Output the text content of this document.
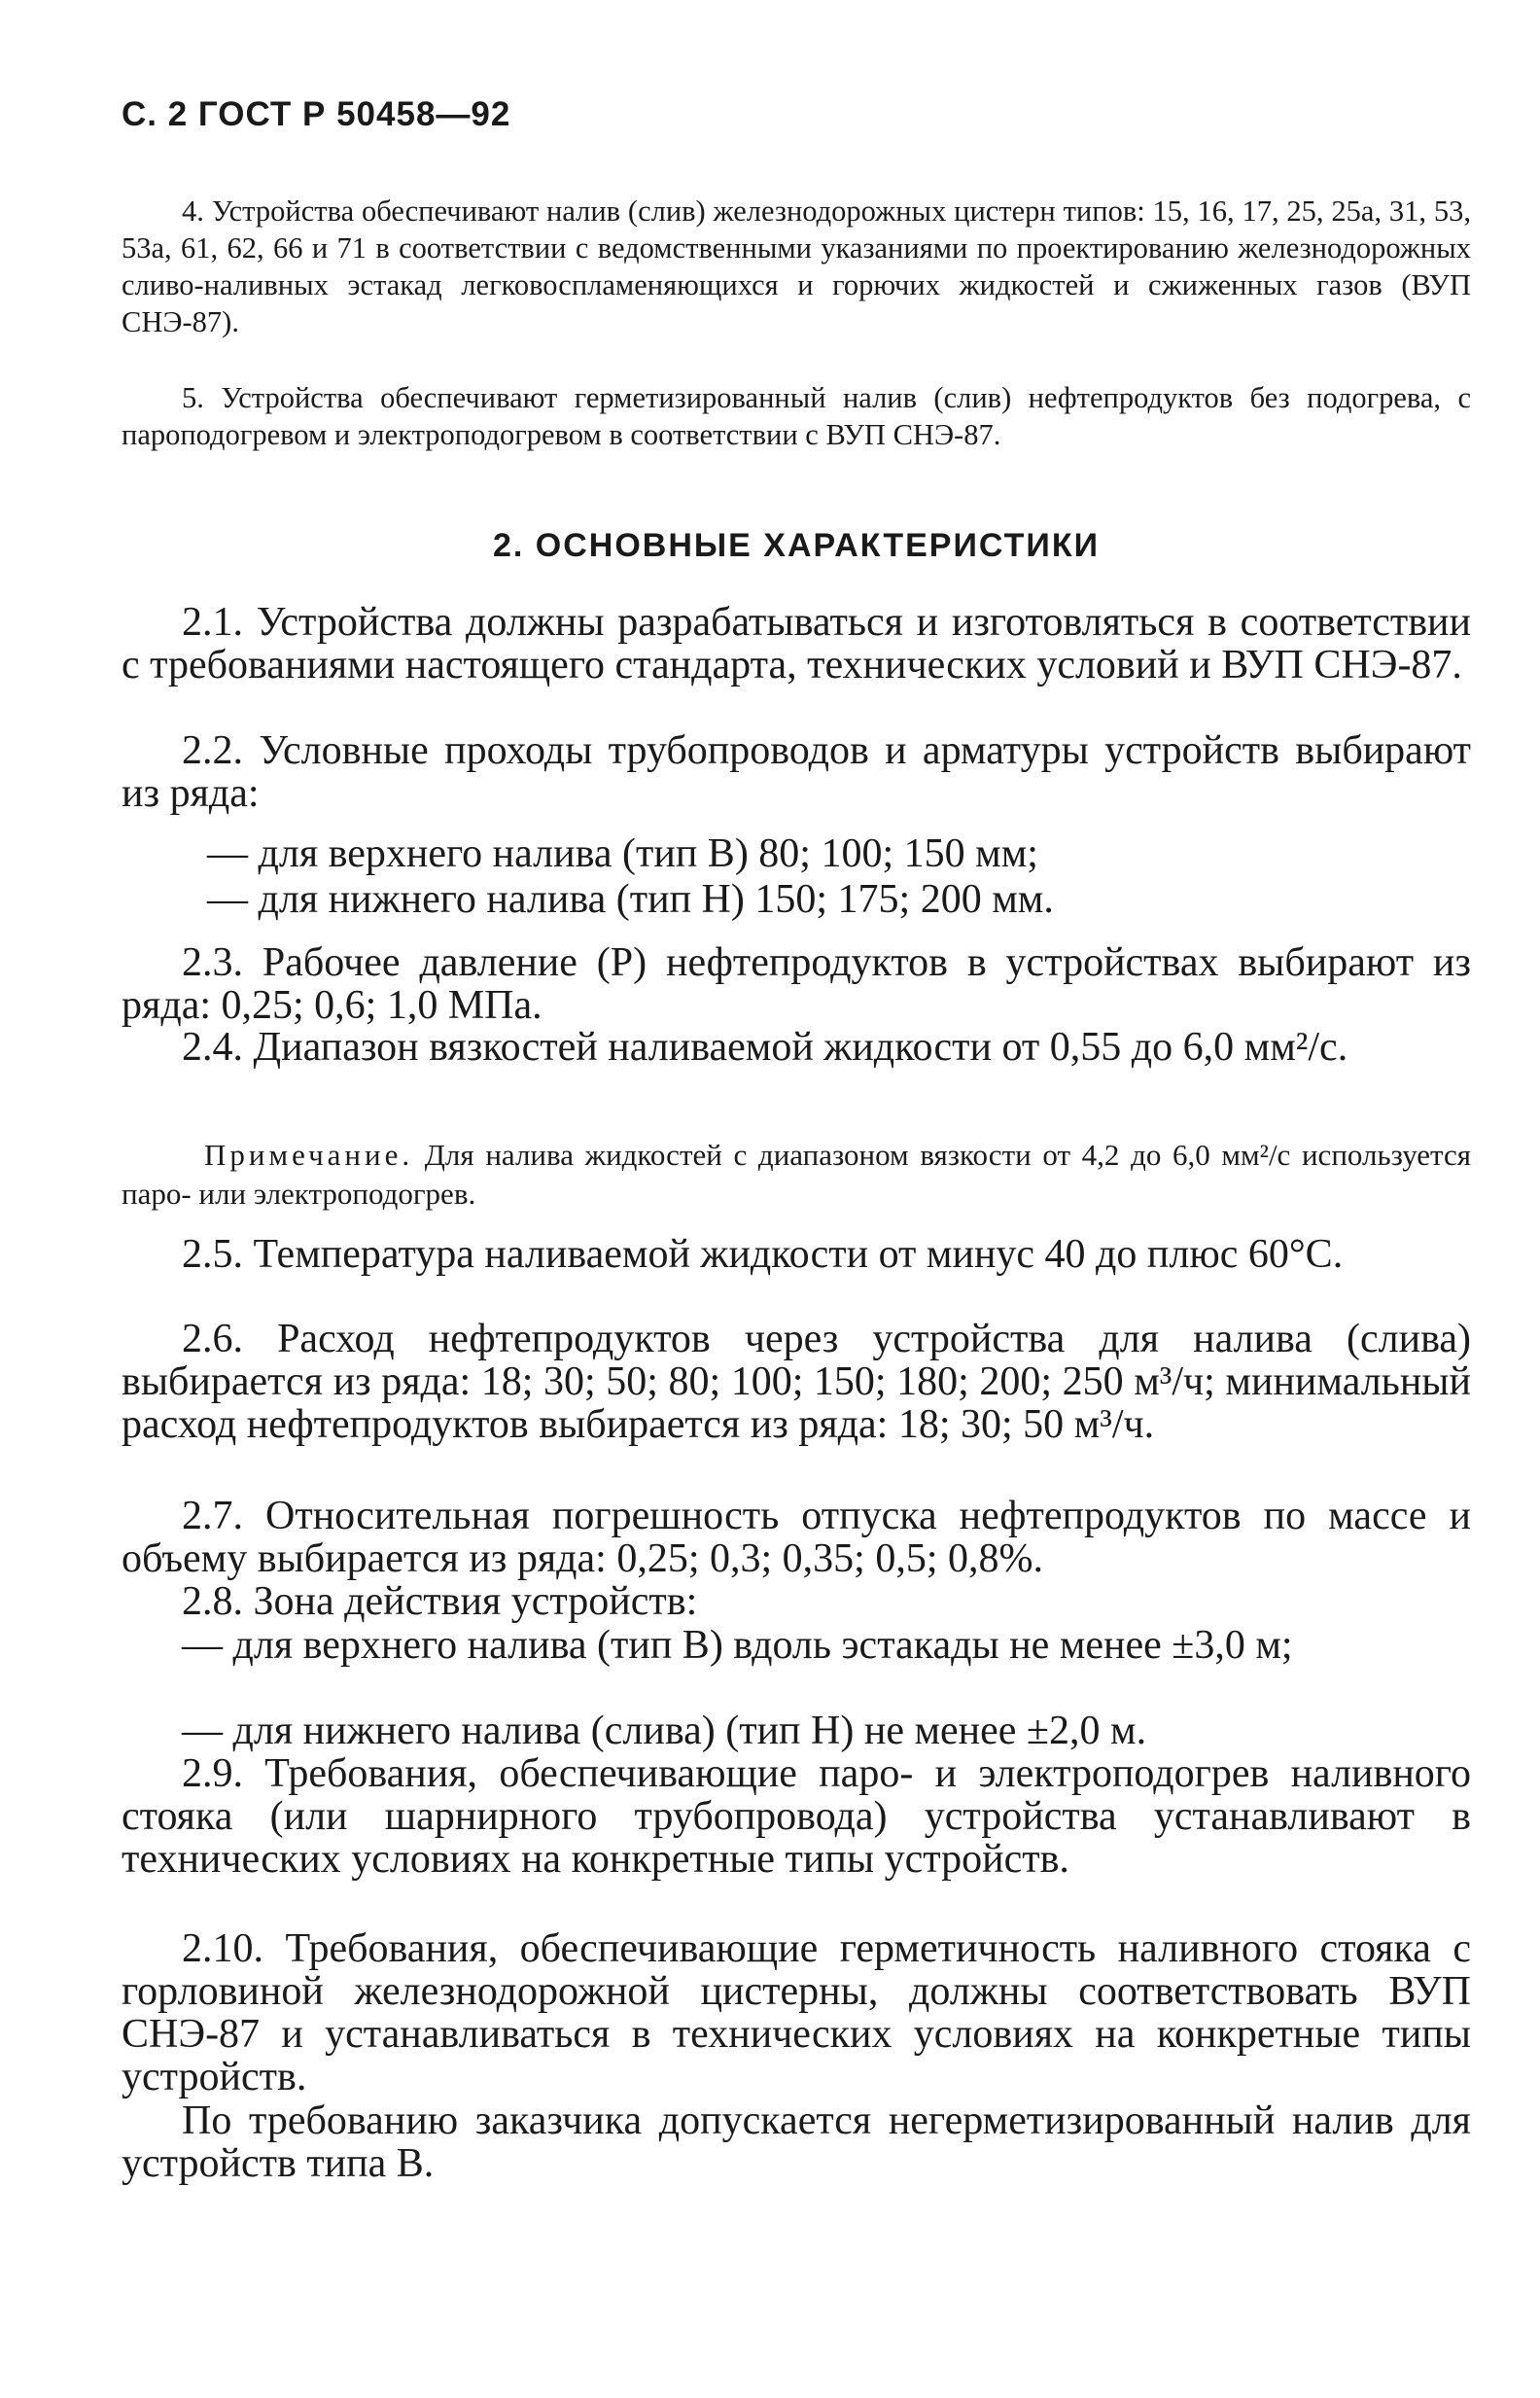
С. 2 ГОСТ Р 50458—92
4. Устройства обеспечивают налив (слив) железнодорожных цистерн типов: 15, 16, 17, 25, 25а, 31, 53, 53а, 61, 62, 66 и 71 в соответствии с ведомственными указаниями по проектированию железнодорожных сливо-наливных эстакад легковоспламеняющихся и горючих жидкостей и сжиженных газов (ВУП СНЭ-87).
5. Устройства обеспечивают герметизированный налив (слив) нефтепродуктов без подогрева, с пароподогревом и электроподогревом в соответствии с ВУП СНЭ-87.
2. ОСНОВНЫЕ ХАРАКТЕРИСТИКИ
2.1. Устройства должны разрабатываться и изготовляться в соответствии с требованиями настоящего стандарта, технических условий и ВУП СНЭ-87.
2.2. Условные проходы трубопроводов и арматуры устройств выбирают из ряда:
— для верхнего налива (тип В) 80; 100; 150 мм;
— для нижнего налива (тип Н) 150; 175; 200 мм.
2.3. Рабочее давление (Р) нефтепродуктов в устройствах выбирают из ряда: 0,25; 0,6; 1,0 МПа.
2.4. Диапазон вязкостей наливаемой жидкости от 0,55 до 6,0 мм²/с.
Примечание. Для налива жидкостей с диапазоном вязкости от 4,2 до 6,0 мм²/с используется паро- или электроподогрев.
2.5. Температура наливаемой жидкости от минус 40 до плюс 60°С.
2.6. Расход нефтепродуктов через устройства для налива (слива) выбирается из ряда: 18; 30; 50; 80; 100; 150; 180; 200; 250 м³/ч; минимальный расход нефтепродуктов выбирается из ряда: 18; 30; 50 м³/ч.
2.7. Относительная погрешность отпуска нефтепродуктов по массе и объему выбирается из ряда: 0,25; 0,3; 0,35; 0,5; 0,8%.
2.8. Зона действия устройств:
— для верхнего налива (тип В) вдоль эстакады не менее ±3,0 м;
— для нижнего налива (слива) (тип Н) не менее ±2,0 м.
2.9. Требования, обеспечивающие паро- и электроподогрев наливного стояка (или шарнирного трубопровода) устройства устанавливают в технических условиях на конкретные типы устройств.
2.10. Требования, обеспечивающие герметичность наливного стояка с горловиной железнодорожной цистерны, должны соответствовать ВУП СНЭ-87 и устанавливаться в технических условиях на конкретные типы устройств.
По требованию заказчика допускается негерметизированный налив для устройств типа В.
